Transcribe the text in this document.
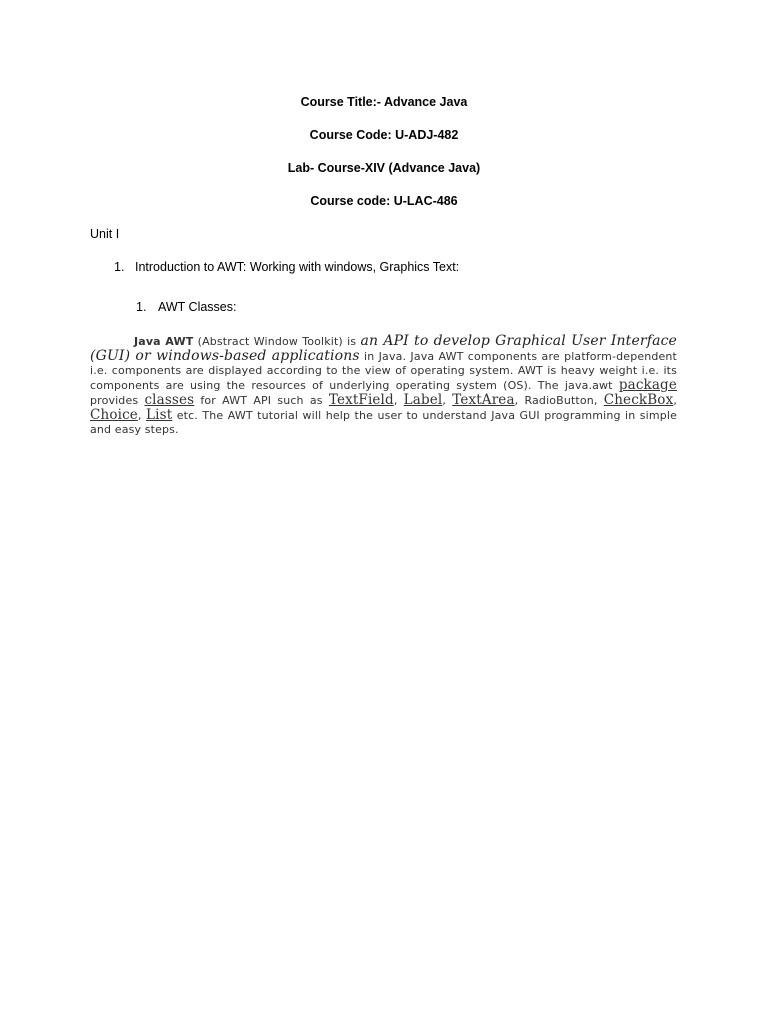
Course Title:- Advance Java
Course Code: U-ADJ-482
Lab- Course-XIV (Advance Java)
Course code: U-LAC-486
Unit I
1. Introduction to AWT: Working with windows, Graphics Text:
1. AWT Classes:
Java AWT (Abstract Window Toolkit) is an API to develop Graphical User Interface (GUI) or windows-based applications in Java. Java AWT components are platform-dependent i.e. components are displayed according to the view of operating system. AWT is heavy weight i.e. its components are using the resources of underlying operating system (OS). The java.awt package provides classes for AWT API such as TextField, Label, TextArea, RadioButton, CheckBox, Choice, List etc. The AWT tutorial will help the user to understand Java GUI programming in simple and easy steps.
